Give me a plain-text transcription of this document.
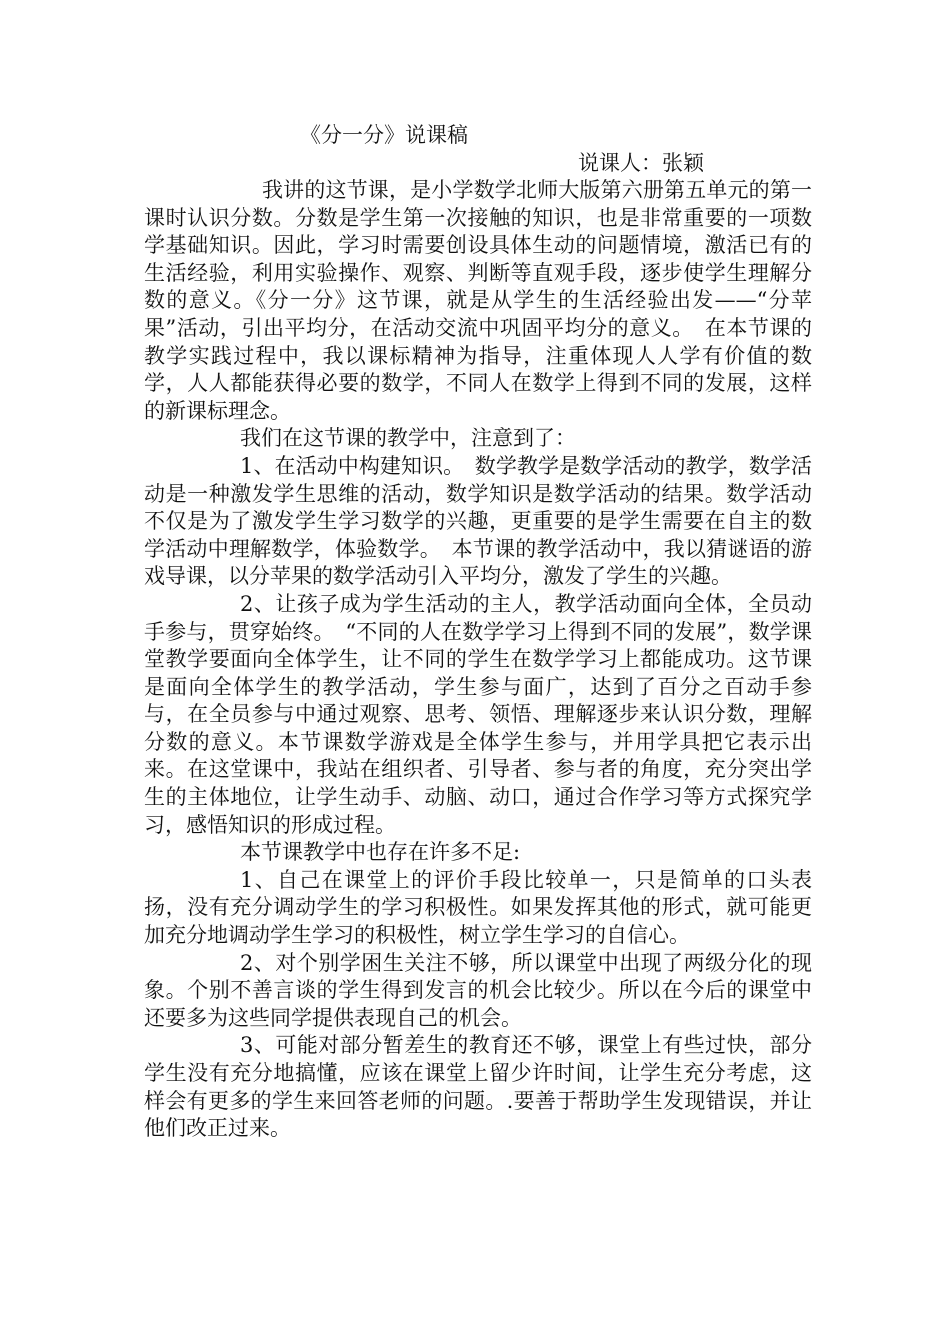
《分一分》说课稿
说课人：张颖

我讲的这节课，是小学数学北师大版第六册第五单元的第一课时认识分数。分数是学生第一次接触的知识，也是非常重要的一项数学基础知识。因此，学习时需要创设具体生动的问题情境，激活已有的生活经验，利用实验操作、观察、判断等直观手段，逐步使学生理解分数的意义。《分一分》这节课，就是从学生的生活经验出发——“分苹果”活动，引出平均分，在活动交流中巩固平均分的意义。　在本节课的教学实践过程中，我以课标精神为指导，注重体现人人学有价值的数学，人人都能获得必要的数学，不同人在数学上得到不同的发展，这样的新课标理念。

我们在这节课的教学中，注意到了：

1、在活动中构建知识。　数学教学是数学活动的教学，数学活动是一种激发学生思维的活动，数学知识是数学活动的结果。数学活动不仅是为了激发学生学习数学的兴趣，更重要的是学生需要在自主的数学活动中理解数学，体验数学。　本节课的教学活动中，我以猜谜语的游戏导课，以分苹果的数学活动引入平均分，激发了学生的兴趣。

2、让孩子成为学生活动的主人，教学活动面向全体，全员动手参与，贯穿始终。　“不同的人在数学学习上得到不同的发展”，数学课堂教学要面向全体学生，让不同的学生在数学学习上都能成功。这节课是面向全体学生的教学活动，学生参与面广，达到了百分之百动手参与，在全员参与中通过观察、思考、领悟、理解逐步来认识分数，理解分数的意义。本节课数学游戏是全体学生参与，并用学具把它表示出来。在这堂课中，我站在组织者、引导者、参与者的角度，充分突出学生的主体地位，让学生动手、动脑、动口，通过合作学习等方式探究学习，感悟知识的形成过程。

本节课教学中也存在许多不足:

1、自己在课堂上的评价手段比较单一，只是简单的口头表扬，没有充分调动学生的学习积极性。如果发挥其他的形式，就可能更加充分地调动学生学习的积极性，树立学生学习的自信心。

2、对个别学困生关注不够，所以课堂中出现了两级分化的现象。个别不善言谈的学生得到发言的机会比较少。所以在今后的课堂中还要多为这些同学提供表现自己的机会。

3、可能对部分暂差生的教育还不够，课堂上有些过快，部分学生没有充分地搞懂，应该在课堂上留少许时间，让学生充分考虑，这样会有更多的学生来回答老师的问题。.要善于帮助学生发现错误，并让他们改正过来。
